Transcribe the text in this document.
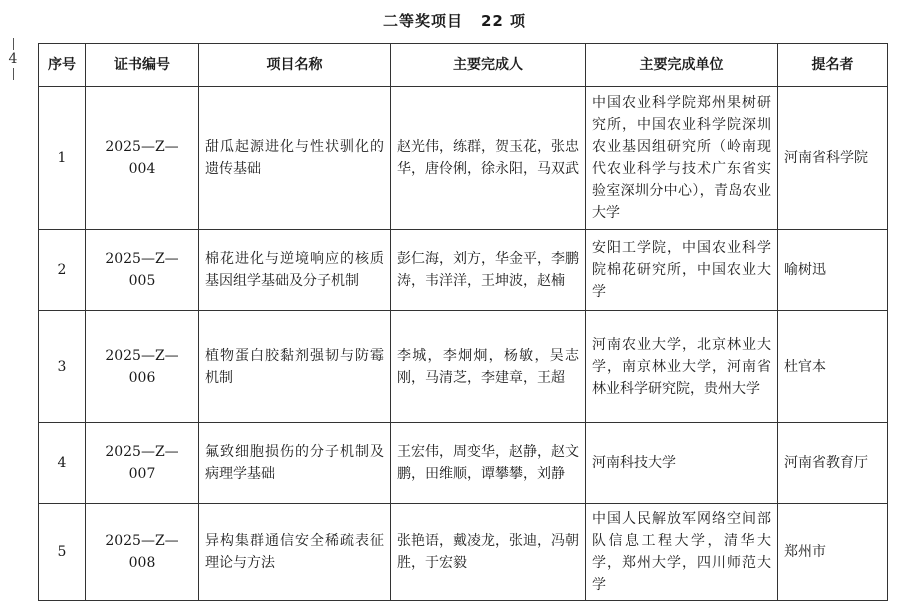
二等奖项目 22 项
4 序号	证书编号	项目名称	主要完成人	主要完成单位	提名者
1	2025—Z—004	甜瓜起源进化与性状驯化的遗传基础	赵光伟，练群，贺玉花，张忠华，唐伶俐，徐永阳，马双武	中国农业科学院郑州果树研究所，中国农业科学院深圳农业基因组研究所（岭南现代农业科学与技术广东省实验室深圳分中心），青岛农业大学	河南省科学院
2	2025—Z—005	棉花进化与逆境响应的核质基因组学基础及分子机制	彭仁海，刘方，华金平，李鹏涛，韦洋洋，王坤波，赵楠	安阳工学院，中国农业科学院棉花研究所，中国农业大学	喻树迅
3	2025—Z—006	植物蛋白胶黏剂强韧与防霉机制	李城，李炯炯，杨敏，吴志刚，马清芝，李建章，王超	河南农业大学，北京林业大学，南京林业大学，河南省林业科学研究院，贵州大学	杜官本
4	2025—Z—007	氟致细胞损伤的分子机制及病理学基础	王宏伟，周变华，赵静，赵文鹏，田维顺，谭攀攀，刘静	河南科技大学	河南省教育厅
5	2025—Z—008	异构集群通信安全稀疏表征理论与方法	张艳语，戴凌龙，张迪，冯朝胜，于宏毅	中国人民解放军网络空间部队信息工程大学，清华大学，郑州大学，四川师范大学	郑州市
